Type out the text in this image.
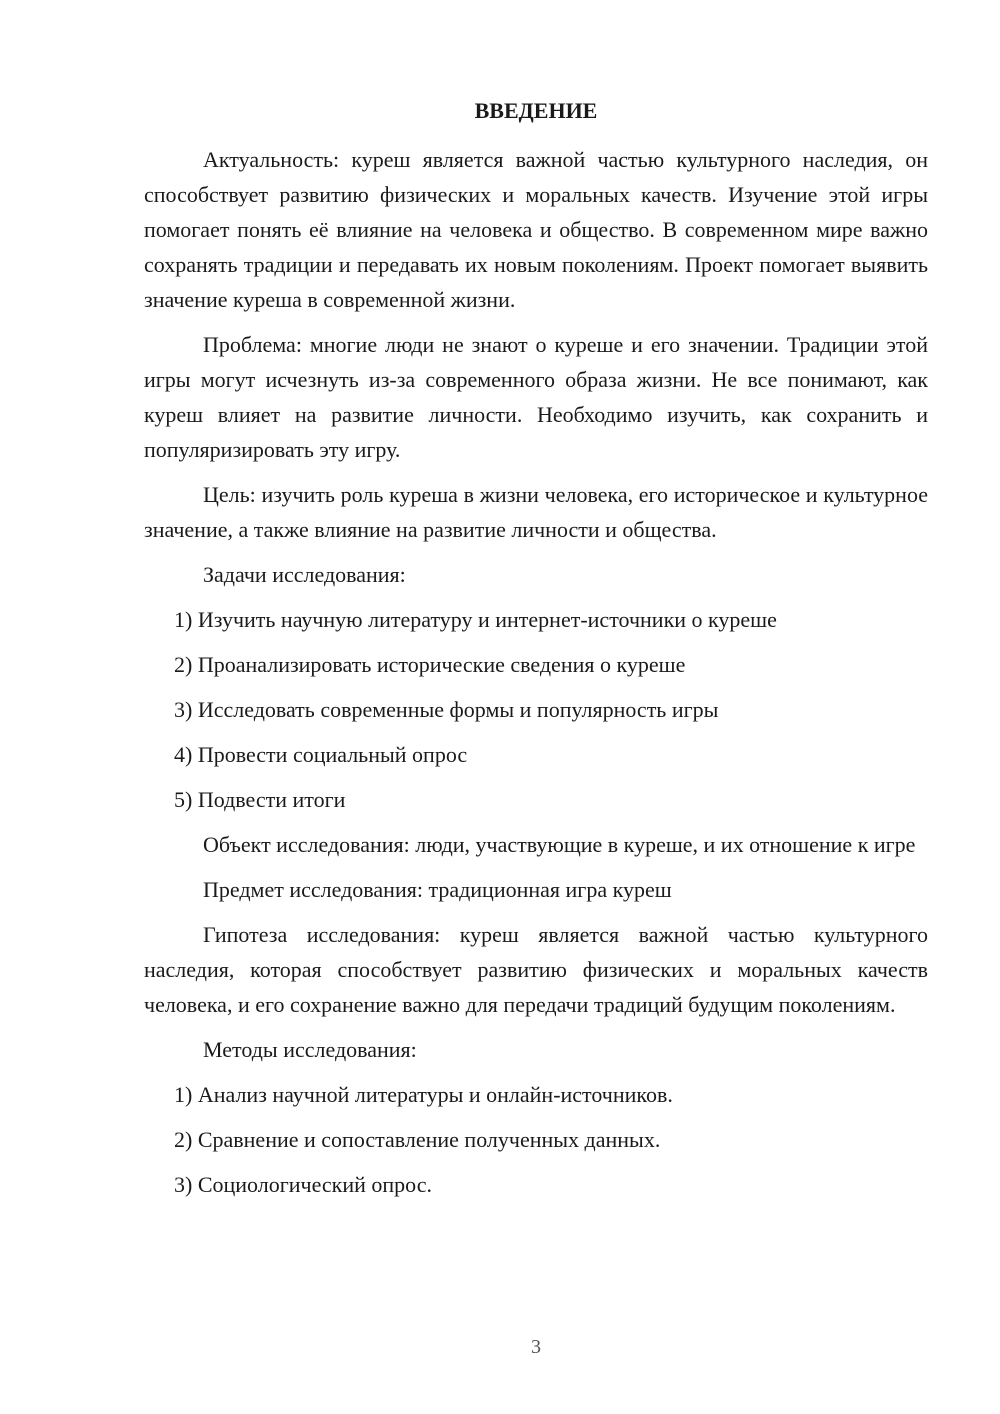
ВВЕДЕНИЕ

Актуальность: куреш является важной частью культурного наследия, он способствует развитию физических и моральных качеств. Изучение этой игры помогает понять её влияние на человека и общество. В современном мире важно сохранять традиции и передавать их новым поколениям. Проект помогает выявить значение куреша в современной жизни.

Проблема: многие люди не знают о куреше и его значении. Традиции этой игры могут исчезнуть из-за современного образа жизни. Не все понимают, как куреш влияет на развитие личности. Необходимо изучить, как сохранить и популяризировать эту игру.

Цель: изучить роль куреша в жизни человека, его историческое и культурное значение, а также влияние на развитие личности и общества.

Задачи исследования:

1) Изучить научную литературу и интернет-источники о куреше

2) Проанализировать исторические сведения о куреше

3) Исследовать современные формы и популярность игры

4) Провести социальный опрос

5) Подвести итоги

Объект исследования: люди, участвующие в куреше, и их отношение к игре

Предмет исследования: традиционная игра куреш

Гипотеза исследования: куреш является важной частью культурного наследия, которая способствует развитию физических и моральных качеств человека, и его сохранение важно для передачи традиций будущим поколениям.

Методы исследования:

1) Анализ научной литературы и онлайн-источников.

2) Сравнение и сопоставление полученных данных.

3) Социологический опрос.

3
